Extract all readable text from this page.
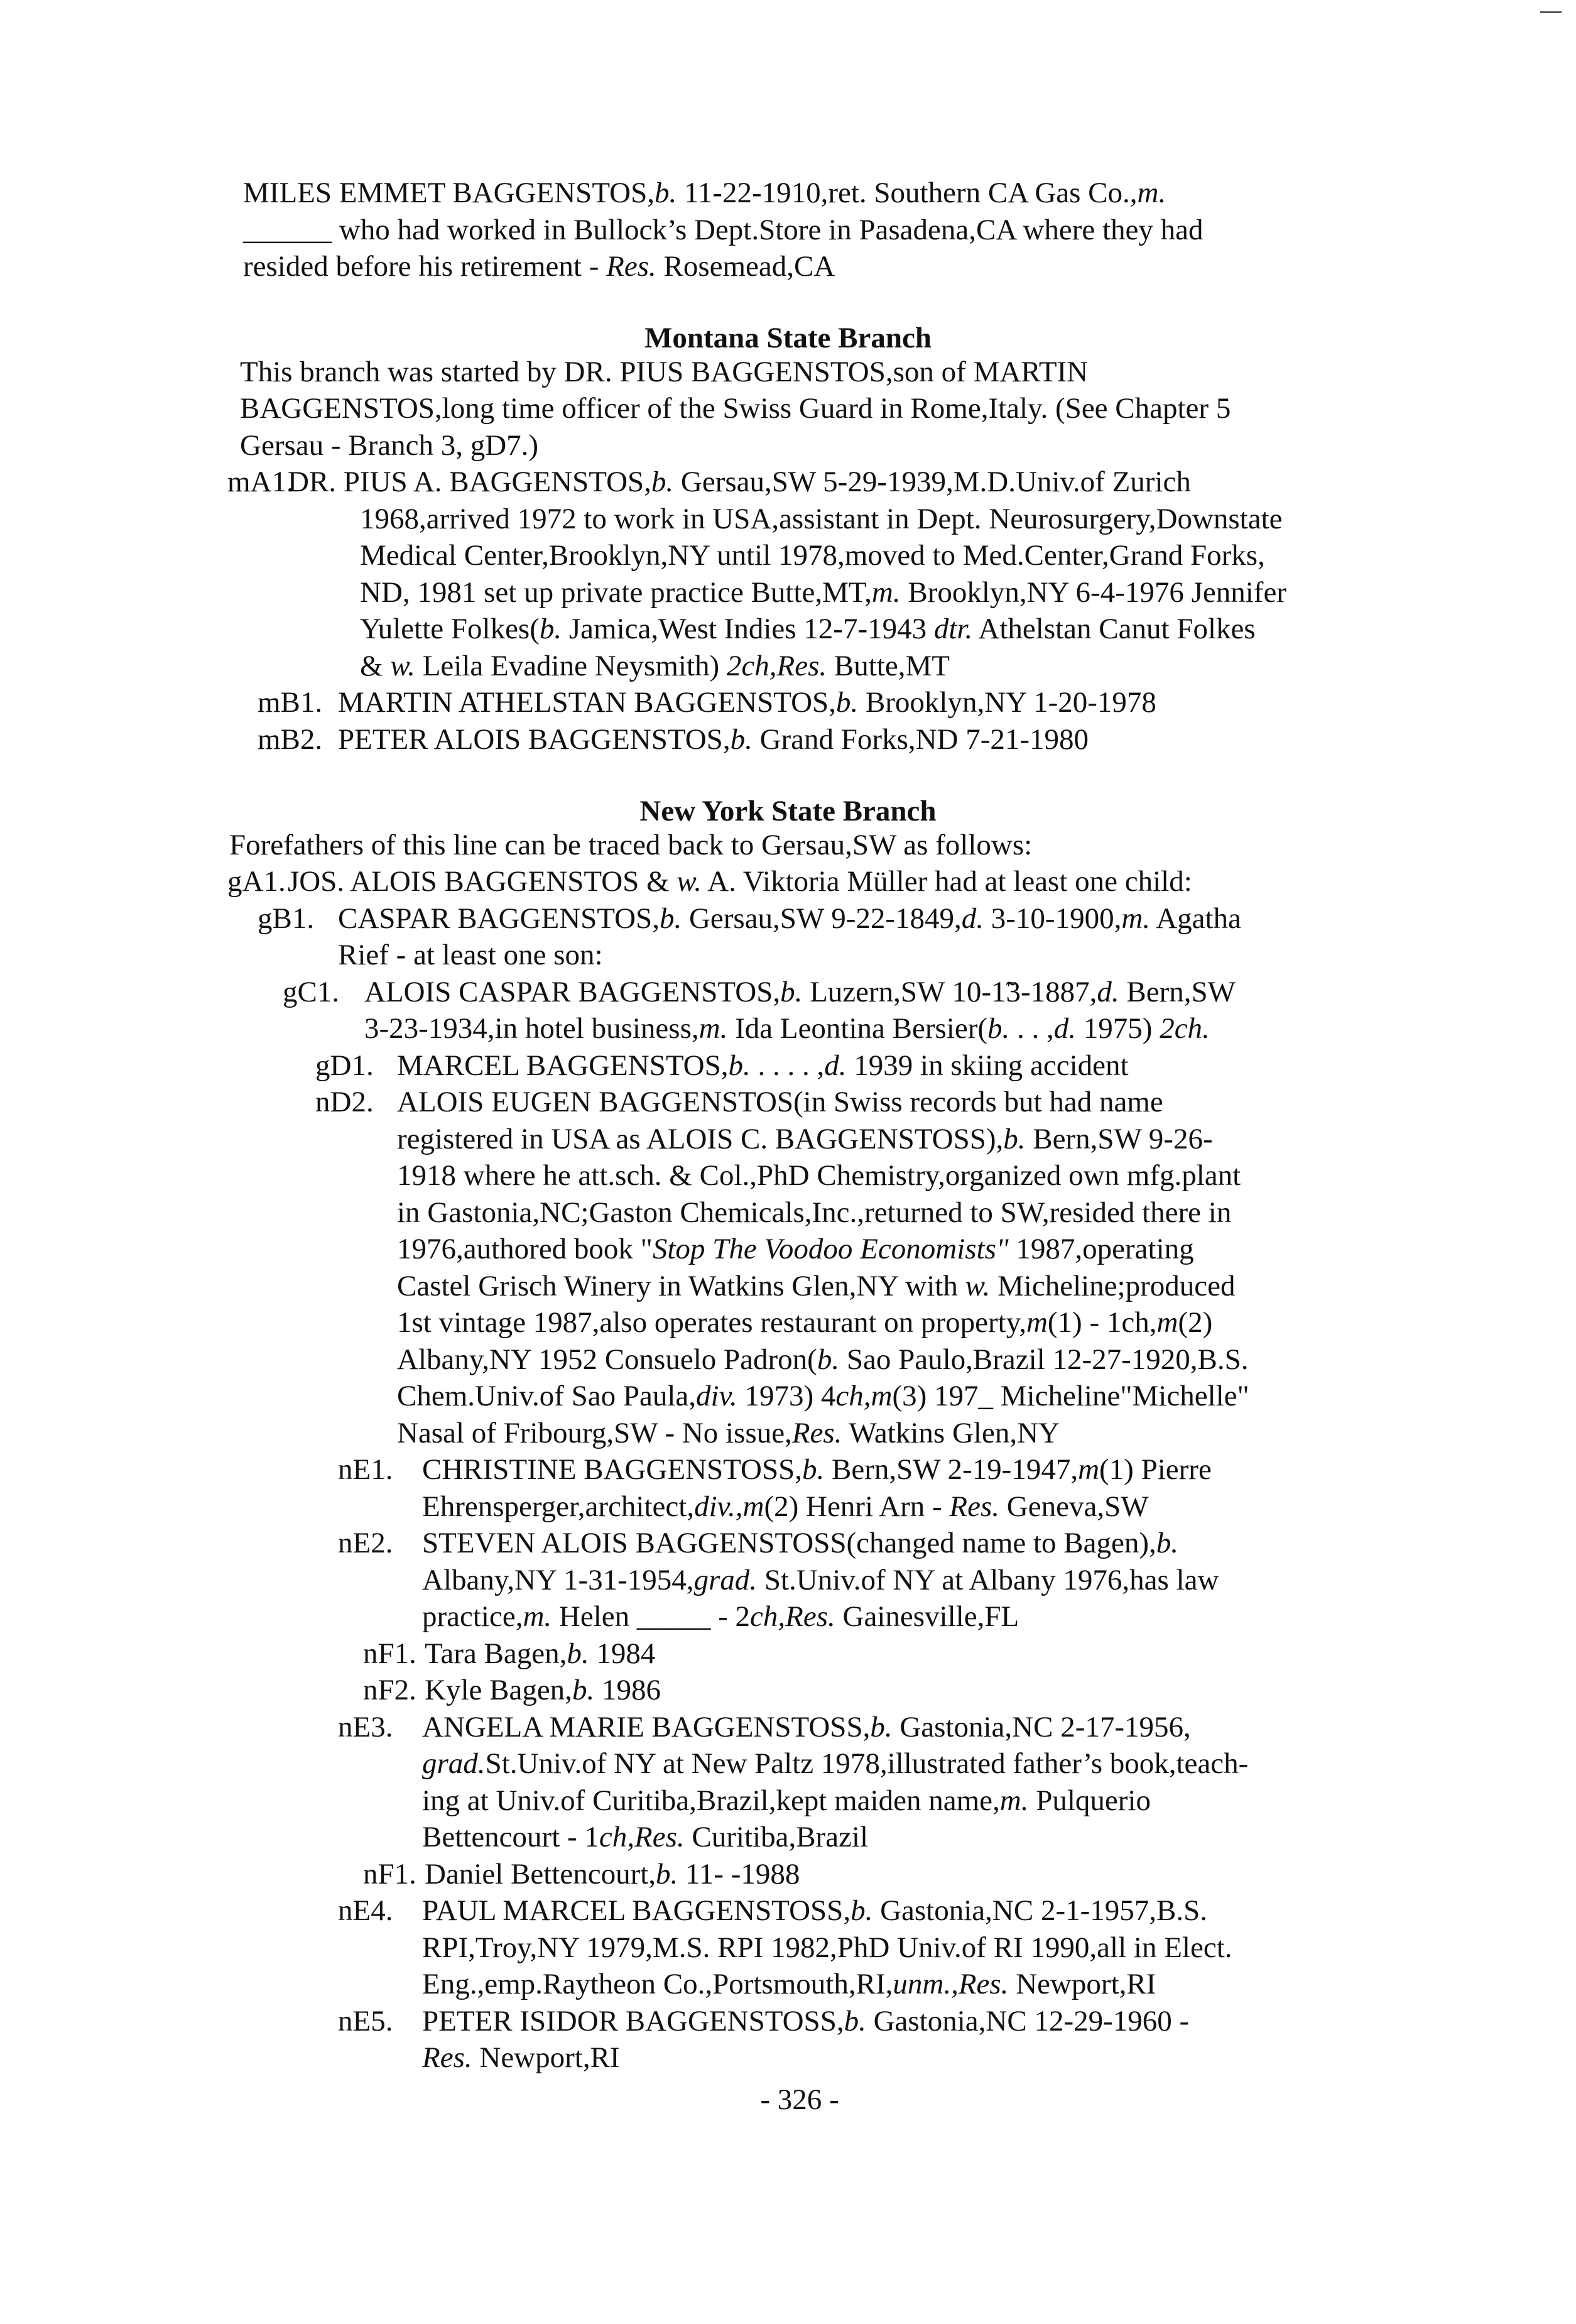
MILES EMMET BAGGENSTOS,b. 11-22-1910,ret. Southern CA Gas Co.,m.
______ who had worked in Bullock’s Dept.Store in Pasadena,CA where they had
resided before his retirement - Res. Rosemead,CA
Montana State Branch
This branch was started by DR. PIUS BAGGENSTOS,son of MARTIN
BAGGENSTOS,long time officer of the Swiss Guard in Rome,Italy. (See Chapter 5
Gersau - Branch 3, gD7.)
mA1.
DR. PIUS A. BAGGENSTOS,b. Gersau,SW 5-29-1939,M.D.Univ.of Zurich
1968,arrived 1972 to work in USA,assistant in Dept. Neurosurgery,Downstate
Medical Center,Brooklyn,NY until 1978,moved to Med.Center,Grand Forks,
ND, 1981 set up private practice Butte,MT,m. Brooklyn,NY 6-4-1976 Jennifer
Yulette Folkes(b. Jamica,West Indies 12-7-1943 dtr. Athelstan Canut Folkes
& w. Leila Evadine Neysmith) 2ch,Res. Butte,MT
mB1. MARTIN ATHELSTAN BAGGENSTOS,b. Brooklyn,NY 1-20-1978
mB2. PETER ALOIS BAGGENSTOS,b. Grand Forks,ND 7-21-1980
New York State Branch
Forefathers of this line can be traced back to Gersau,SW as follows:
gA1. JOS. ALOIS BAGGENSTOS & w. A. Viktoria Müller had at least one child:
gB1. CASPAR BAGGENSTOS,b. Gersau,SW 9-22-1849,d. 3-10-1900,m. Agatha
Rief - at least one son:
gC1. ALOIS CASPAR BAGGENSTOS,b. Luzern,SW 10-1̃3-1887,d. Bern,SW
3-23-1934,in hotel business,m. Ida Leontina Bersier(b. . . ,d. 1975) 2ch.
gD1. MARCEL BAGGENSTOS,b. . . . . ,d. 1939 in skiing accident
nD2. ALOIS EUGEN BAGGENSTOS(in Swiss records but had name
registered in USA as ALOIS C. BAGGENSTOSS),b. Bern,SW 9-26-
1918 where he att.sch. & Col.,PhD Chemistry,organized own mfg.plant
in Gastonia,NC;Gaston Chemicals,Inc.,returned to SW,resided there in
1976,authored book "Stop The Voodoo Economists" 1987,operating
Castel Grisch Winery in Watkins Glen,NY with w. Micheline;produced
1st vintage 1987,also operates restaurant on property,m(1) - 1ch,m(2)
Albany,NY 1952 Consuelo Padron(b. Sao Paulo,Brazil 12-27-1920,B.S.
Chem.Univ.of Sao Paula,div. 1973) 4ch,m(3) 197_ Micheline"Michelle"
Nasal of Fribourg,SW - No issue,Res. Watkins Glen,NY
nE1. CHRISTINE BAGGENSTOSS,b. Bern,SW 2-19-1947,m(1) Pierre
Ehrensperger,architect,div.,m(2) Henri Arn - Res. Geneva,SW
nE2. STEVEN ALOIS BAGGENSTOSS(changed name to Bagen),b.
Albany,NY 1-31-1954,grad. St.Univ.of NY at Albany 1976,has law
practice,m. Helen _____ - 2ch,Res. Gainesville,FL
nF1. Tara Bagen,b. 1984
nF2. Kyle Bagen,b. 1986
nE3. ANGELA MARIE BAGGENSTOSS,b. Gastonia,NC 2-17-1956,
grad.St.Univ.of NY at New Paltz 1978,illustrated father’s book,teach-
ing at Univ.of Curitiba,Brazil,kept maiden name,m. Pulquerio
Bettencourt - 1ch,Res. Curitiba,Brazil
nF1. Daniel Bettencourt,b. 11- -1988
nE4. PAUL MARCEL BAGGENSTOSS,b. Gastonia,NC 2-1-1957,B.S.
RPI,Troy,NY 1979,M.S. RPI 1982,PhD Univ.of RI 1990,all in Elect.
Eng.,emp.Raytheon Co.,Portsmouth,RI,unm.,Res. Newport,RI
nE5. PETER ISIDOR BAGGENSTOSS,b. Gastonia,NC 12-29-1960 -
Res. Newport,RI
- 326 -
